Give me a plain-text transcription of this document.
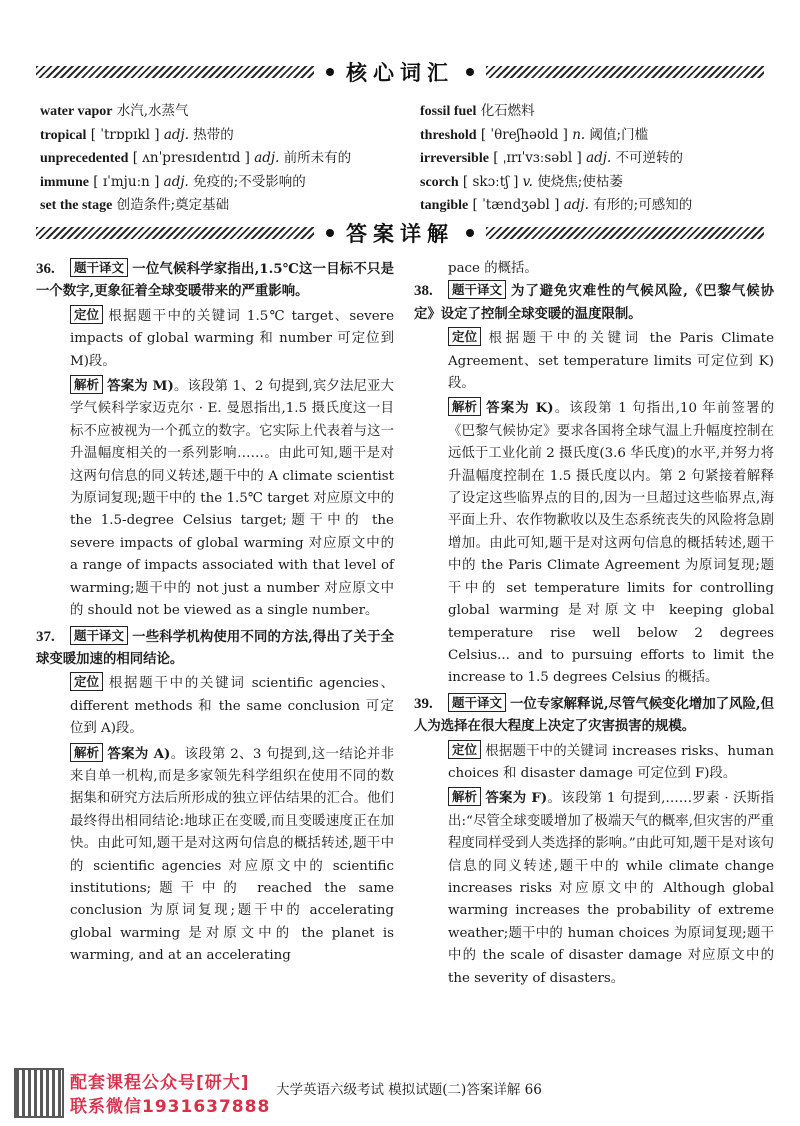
核心词汇
water vapor 水汽,水蒸气
tropical [ ˈtrɒpɪkl ] adj. 热带的
unprecedented [ ʌnˈpresɪdentɪd ] adj. 前所未有的
immune [ ɪˈmjuːn ] adj. 免疫的;不受影响的
set the stage 创造条件;奠定基础
fossil fuel 化石燃料
threshold [ ˈθreʃhəʊld ] n. 阈值;门槛
irreversible [ ˌɪrɪˈvɜːsəbl ] adj. 不可逆转的
scorch [ skɔːtʃ ] v. 使烧焦;使枯萎
tangible [ ˈtændʒəbl ] adj. 有形的;可感知的
答案详解
36. 题干译文 一位气候科学家指出,1.5℃这一目标不只是一个数字,更象征着全球变暖带来的严重影响。
定位 根据题干中的关键词 1.5℃ target、severe impacts of global warming 和 number 可定位到 M)段。
解析 答案为 M)。该段第 1、2 句提到,宾夕法尼亚大学气候科学家迈克尔 · E. 曼恩指出,1.5 摄氏度这一目标不应被视为一个孤立的数字。它实际上代表着与这一升温幅度相关的一系列影响……。由此可知,题干是对这两句信息的同义转述,题干中的 A climate scientist 为原词复现;题干中的 the 1.5℃ target 对应原文中的 the 1.5-degree Celsius target;题干中的 the severe impacts of global warming 对应原文中的 a range of impacts associated with that level of warming;题干中的 not just a number 对应原文中的 should not be viewed as a single number。
37. 题干译文 一些科学机构使用不同的方法,得出了关于全球变暖加速的相同结论。
定位 根据题干中的关键词 scientific agencies、different methods 和 the same conclusion 可定位到 A)段。
解析 答案为 A)。该段第 2、3 句提到,这一结论并非来自单一机构,而是多家领先科学组织在使用不同的数据集和研究方法后所形成的独立评估结果的汇合。他们最终得出相同结论:地球正在变暖,而且变暖速度正在加快。由此可知,题干是对这两句信息的概括转述,题干中的 scientific agencies 对应原文中的 scientific institutions;题干中的 reached the same conclusion 为原词复现;题干中的 accelerating global warming 是对原文中的 the planet is warming, and at an accelerating
pace 的概括。
38. 题干译文 为了避免灾难性的气候风险,《巴黎气候协定》设定了控制全球变暖的温度限制。
定位 根据题干中的关键词 the Paris Climate Agreement、set temperature limits 可定位到 K)段。
解析 答案为 K)。该段第 1 句指出,10 年前签署的《巴黎气候协定》要求各国将全球气温上升幅度控制在远低于工业化前 2 摄氏度(3.6 华氏度)的水平,并努力将升温幅度控制在 1.5 摄氏度以内。第 2 句紧接着解释了设定这些临界点的目的,因为一旦超过这些临界点,海平面上升、农作物歉收以及生态系统丧失的风险将急剧增加。由此可知,题干是对这两句信息的概括转述,题干中的 the Paris Climate Agreement 为原词复现;题干中的 set temperature limits for controlling global warming 是对原文中 keeping global temperature rise well below 2 degrees Celsius... and to pursuing efforts to limit the increase to 1.5 degrees Celsius 的概括。
39. 题干译文 一位专家解释说,尽管气候变化增加了风险,但人为选择在很大程度上决定了灾害损害的规模。
定位 根据题干中的关键词 increases risks、human choices 和 disaster damage 可定位到 F)段。
解析 答案为 F)。该段第 1 句提到,……罗素 · 沃斯指出:“尽管全球变暖增加了极端天气的概率,但灾害的严重程度同样受到人类选择的影响。”由此可知,题干是对该句信息的同义转述,题干中的 while climate change increases risks 对应原文中的 Although global warming increases the probability of extreme weather;题干中的 human choices 为原词复现;题干中的 the scale of disaster damage 对应原文中的 the severity of disasters。
配套课程公众号[研大]
联系微信1931637888
大学英语六级考试 模拟试题(二)答案详解 66
